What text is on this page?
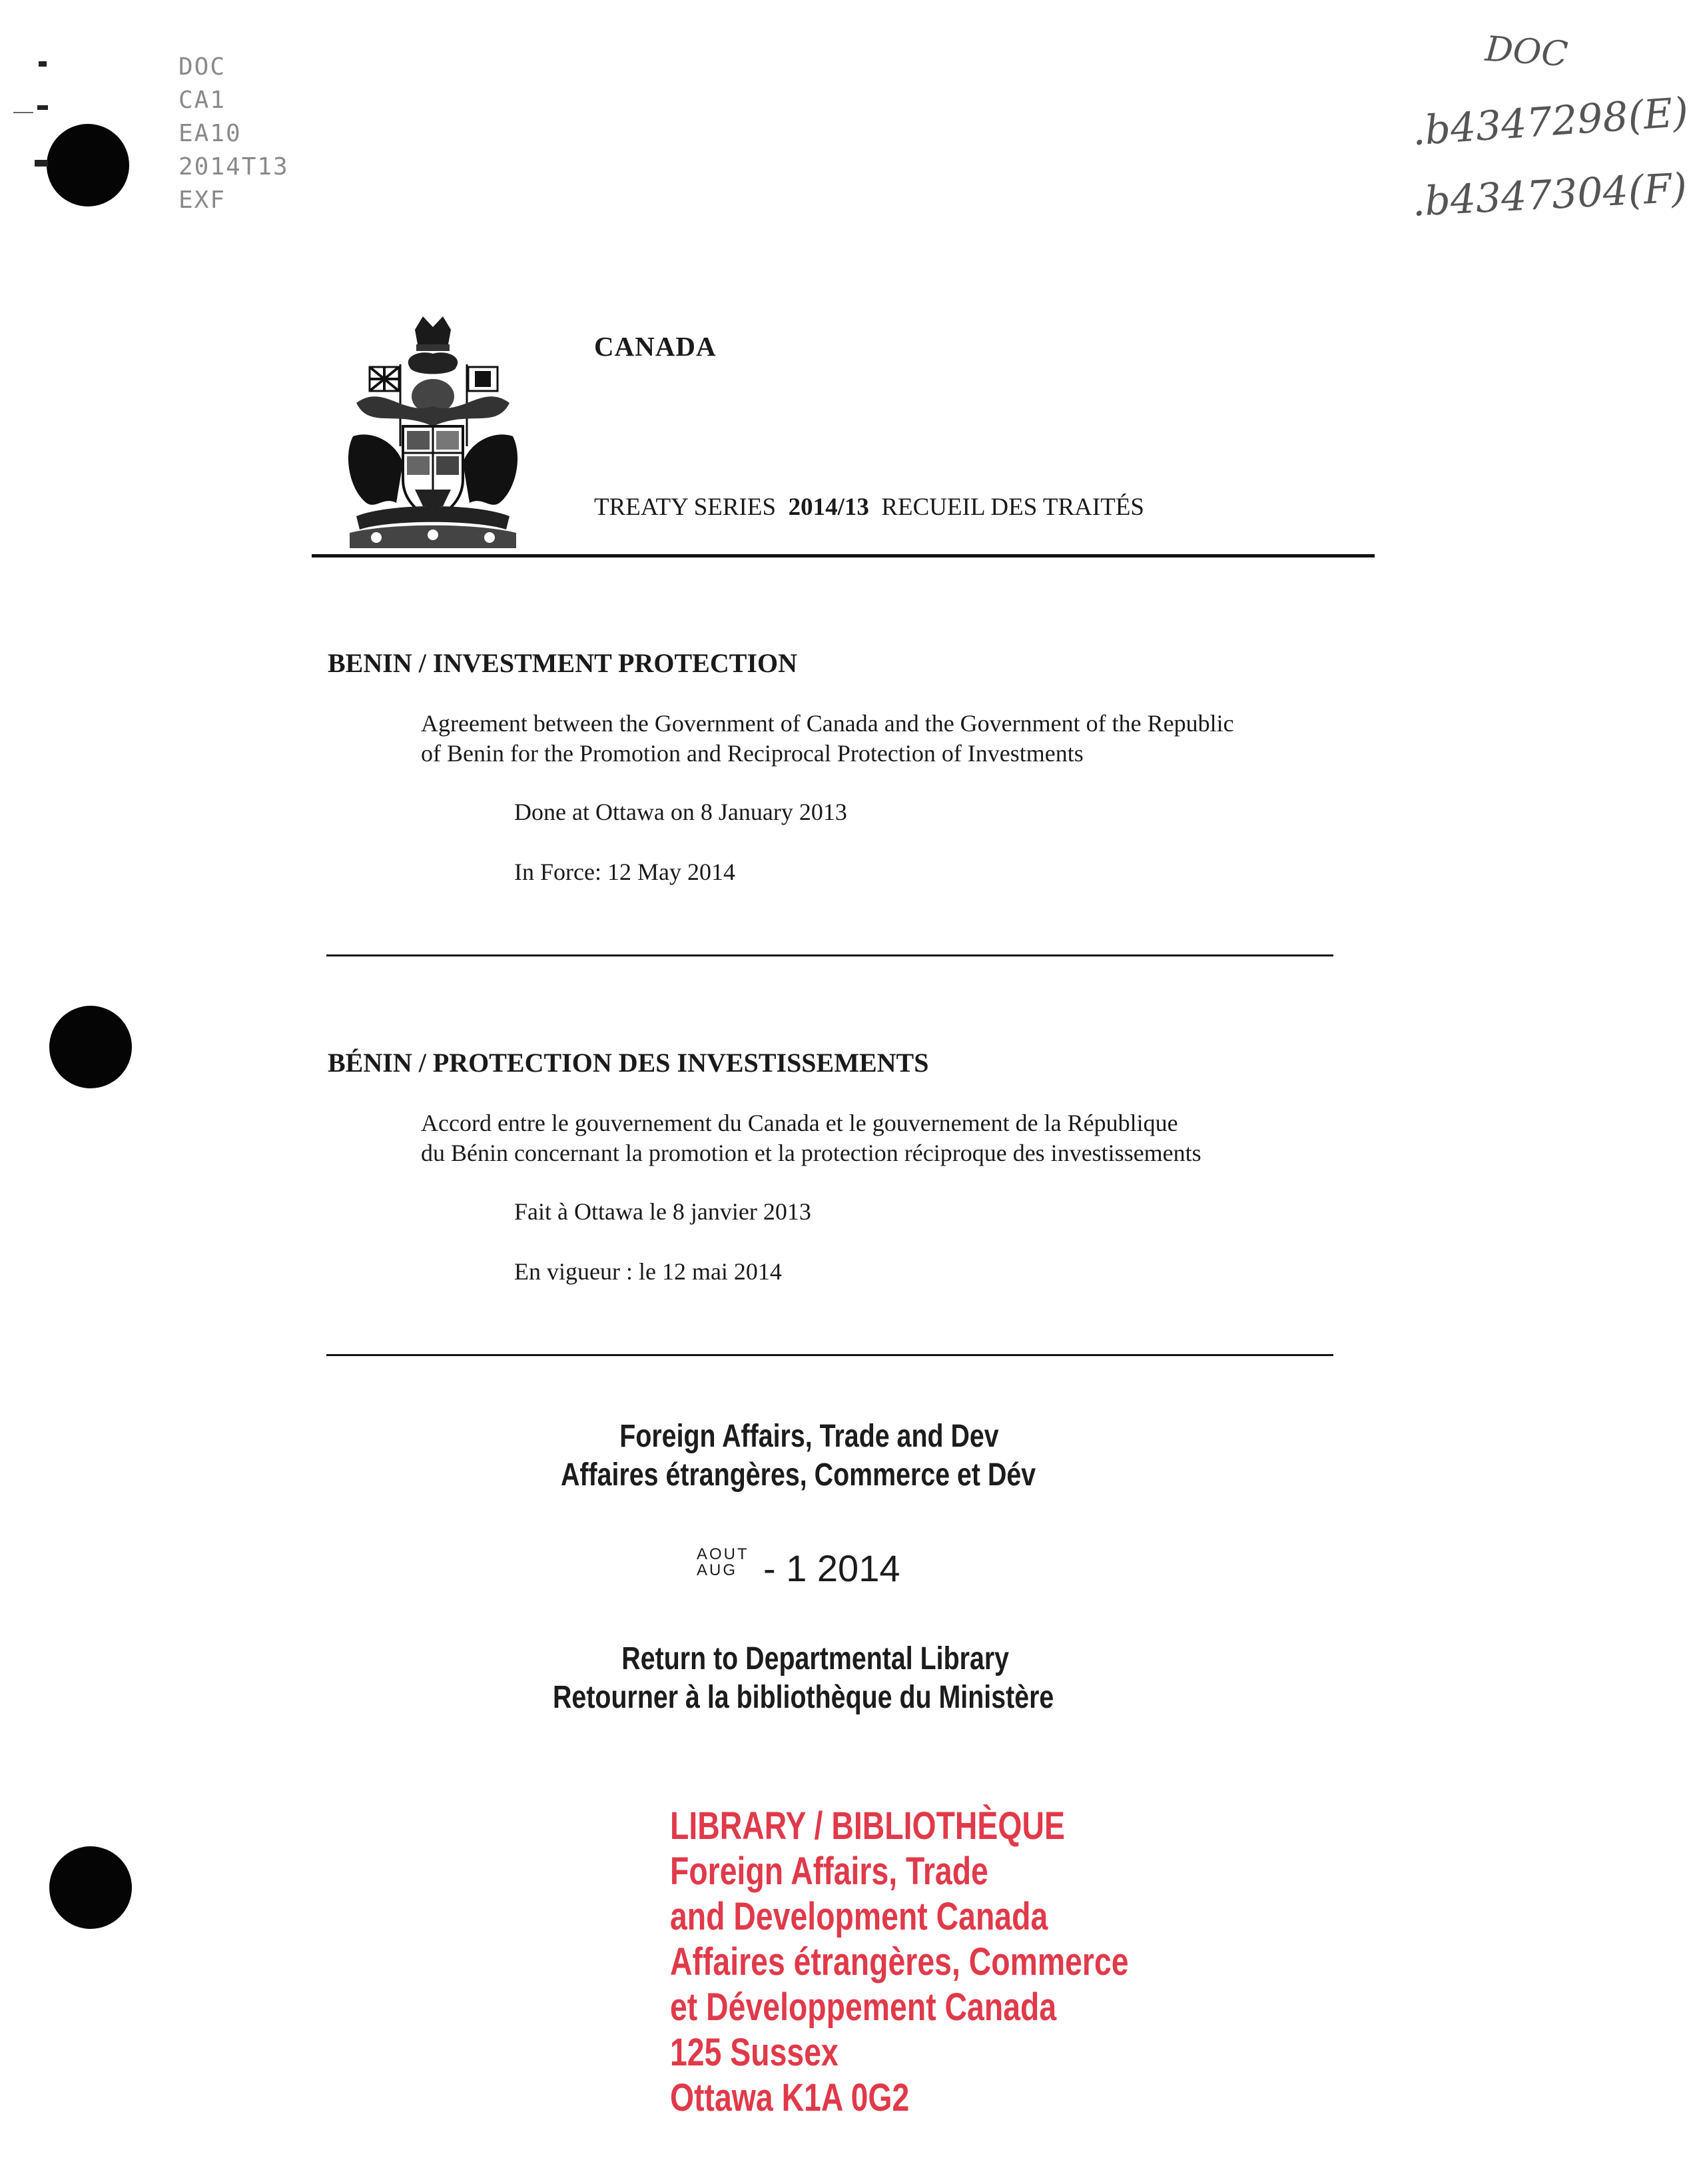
DOC
CA1
EA10
2014T13
EXF
DOC
.b4347298(E)
.b4347304(F)
CANADA
TREATY SERIES 2014/13 RECUEIL DES TRAITÉS
BENIN / INVESTMENT PROTECTION
Agreement between the Government of Canada and the Government of the Republic
of Benin for the Promotion and Reciprocal Protection of Investments
Done at Ottawa on 8 January 2013
In Force: 12 May 2014
BÉNIN / PROTECTION DES INVESTISSEMENTS
Accord entre le gouvernement du Canada et le gouvernement de la République
du Bénin concernant la promotion et la protection réciproque des investissements
Fait à Ottawa le 8 janvier 2013
En vigueur : le 12 mai 2014
Foreign Affairs, Trade and Dev
Affaires étrangères, Commerce et Dév
AOUT
AUG - 1 2014
Return to Departmental Library
Retourner à la bibliothèque du Ministère
LIBRARY / BIBLIOTHÈQUE
Foreign Affairs, Trade
and Development Canada
Affaires étrangères, Commerce
et Développement Canada
125 Sussex
Ottawa K1A 0G2
